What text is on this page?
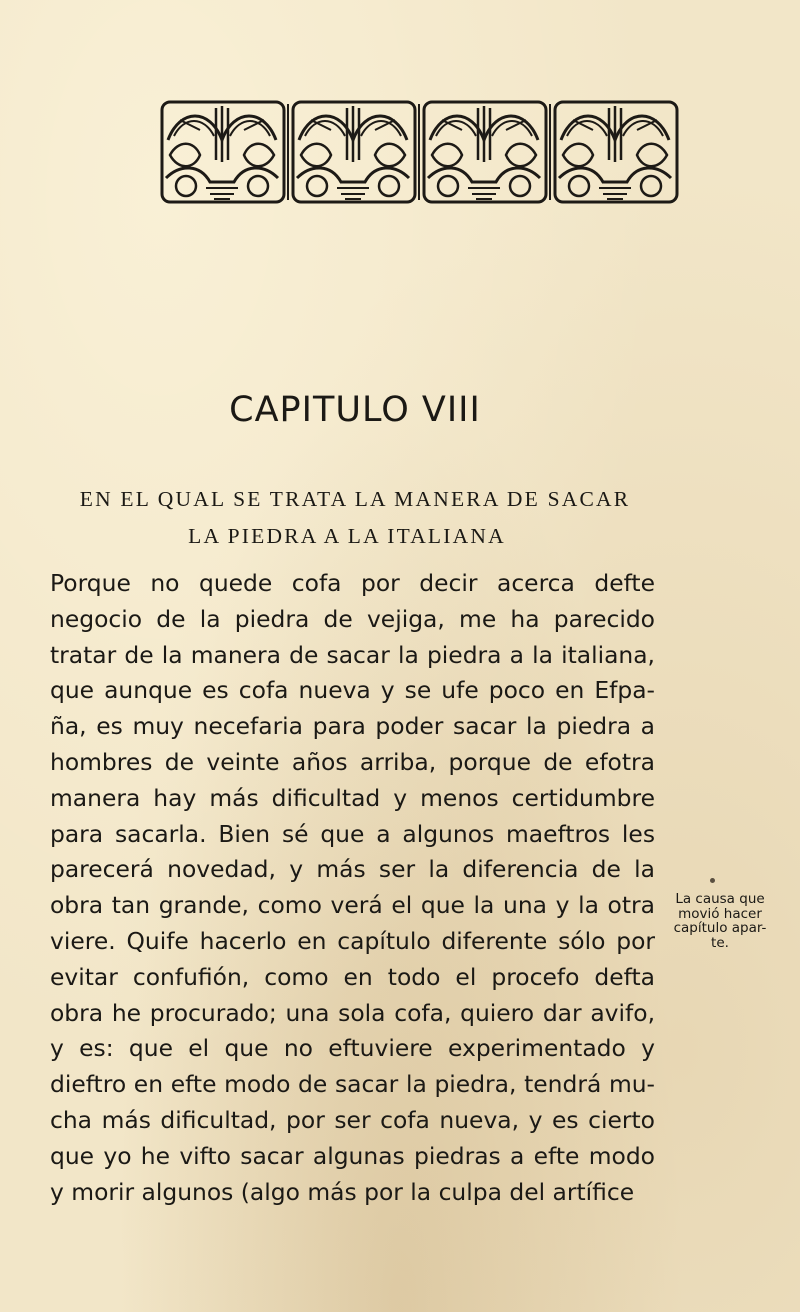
CAPITULO VIII
EN EL QUAL SE TRATA LA MANERA DE SACAR
LA PIEDRA A LA ITALIANA
Porque no quede cofa por decir acerca defte
negocio de la piedra de vejiga, me ha parecido
tratar de la manera de sacar la piedra a la italiana,
que aunque es cofa nueva y se ufe poco en Efpa-
ña, es muy necefaria para poder sacar la piedra a
hombres de veinte años arriba, porque de efotra
manera hay más dificultad y menos certidumbre
para sacarla. Bien sé que a algunos maeftros les
parecerá novedad, y más ser la diferencia de la
obra tan grande, como verá el que la una y la otra
viere. Quife hacerlo en capítulo diferente sólo por
evitar confufión, como en todo el procefo defta
obra he procurado; una sola cofa, quiero dar avifo,
y es: que el que no eftuviere experimentado y
dieftro en efte modo de sacar la piedra, tendrá mu-
cha más dificultad, por ser cofa nueva, y es cierto
que yo he vifto sacar algunas piedras a efte modo
y morir algunos (algo más por la culpa del artífice
La causa que
movió hacer
capítulo apar-
te.
